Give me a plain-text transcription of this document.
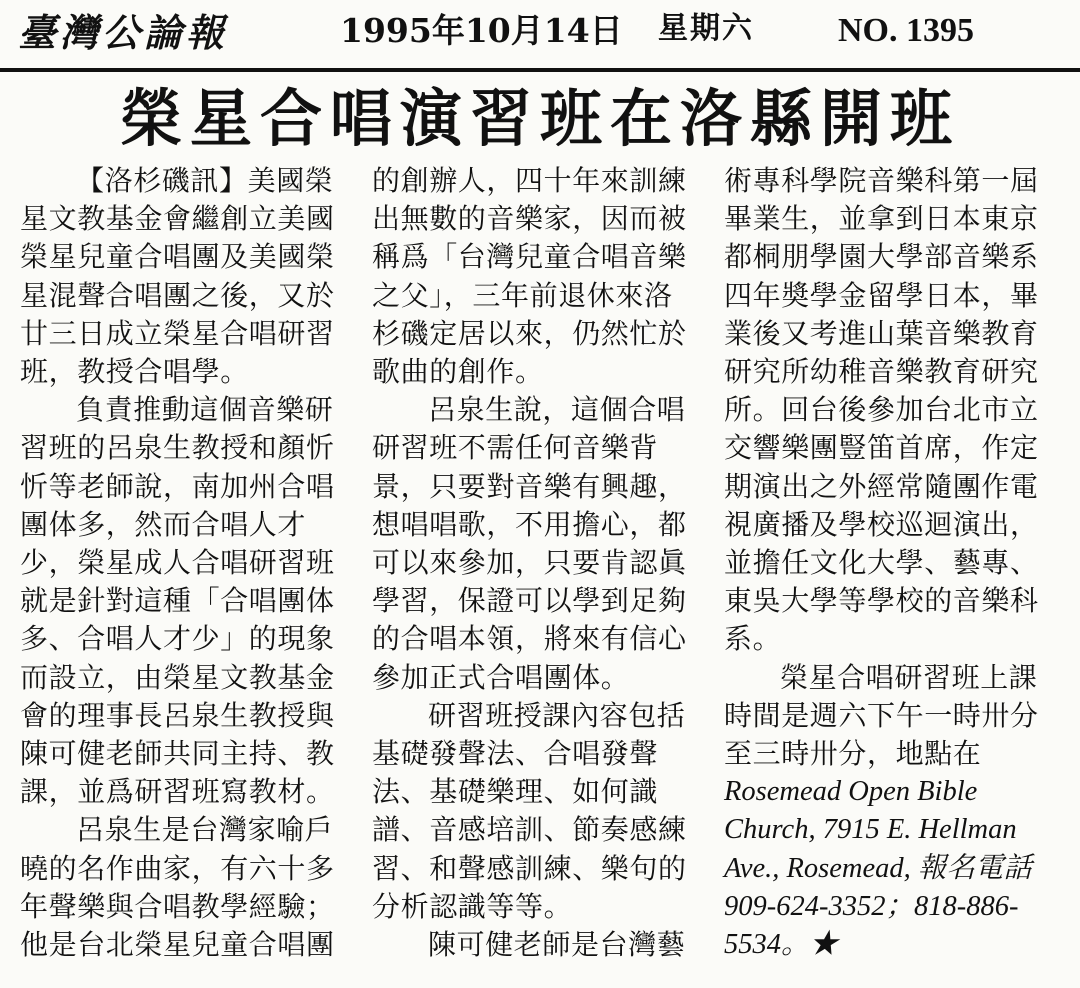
臺灣公論報	1995年10月14日 星期六 NO. 1395
榮星合唱演習班在洛縣開班

【洛杉磯訊】美國榮星文教基金會繼創立美國榮星兒童合唱團及美國榮星混聲合唱團之後，又於廿三日成立榮星合唱研習班，教授合唱學。

負責推動這個音樂研習班的呂泉生教授和顏忻忻等老師說，南加州合唱團体多，然而合唱人才少，榮星成人合唱研習班就是針對這種「合唱團体多、合唱人才少」的現象而設立，由榮星文教基金會的理事長呂泉生教授與陳可健老師共同主持、教課，並爲研習班寫教材。

呂泉生是台灣家喻戶曉的名作曲家，有六十多年聲樂與合唱教學經驗；他是台北榮星兒童合唱團

的創辦人，四十年來訓練出無數的音樂家，因而被稱爲「台灣兒童合唱音樂之父」，三年前退休來洛杉磯定居以來，仍然忙於歌曲的創作。

呂泉生說，這個合唱研習班不需任何音樂背景，只要對音樂有興趣，想唱唱歌，不用擔心，都可以來參加，只要肯認眞學習，保證可以學到足夠的合唱本領，將來有信心參加正式合唱團体。

研習班授課內容包括基礎發聲法、合唱發聲法、基礎樂理、如何識譜、音感培訓、節奏感練習、和聲感訓練、樂句的分析認識等等。

陳可健老師是台灣藝

術專科學院音樂科第一屆畢業生，並拿到日本東京都桐朋學園大學部音樂系四年奬學金留學日本，畢業後又考進山葉音樂教育研究所幼稚音樂教育研究所。回台後參加台北市立交響樂團豎笛首席，作定期演出之外經常隨團作電視廣播及學校巡迴演出，並擔任文化大學、藝專、東吳大學等學校的音樂科系。

榮星合唱研習班上課時間是週六下午一時卅分至三時卅分，地點在

Rosemead Open Bible Church, 7915 E. Hellman Ave., Rosemead, 報名電話909-624-3352；818-886-5534。★
